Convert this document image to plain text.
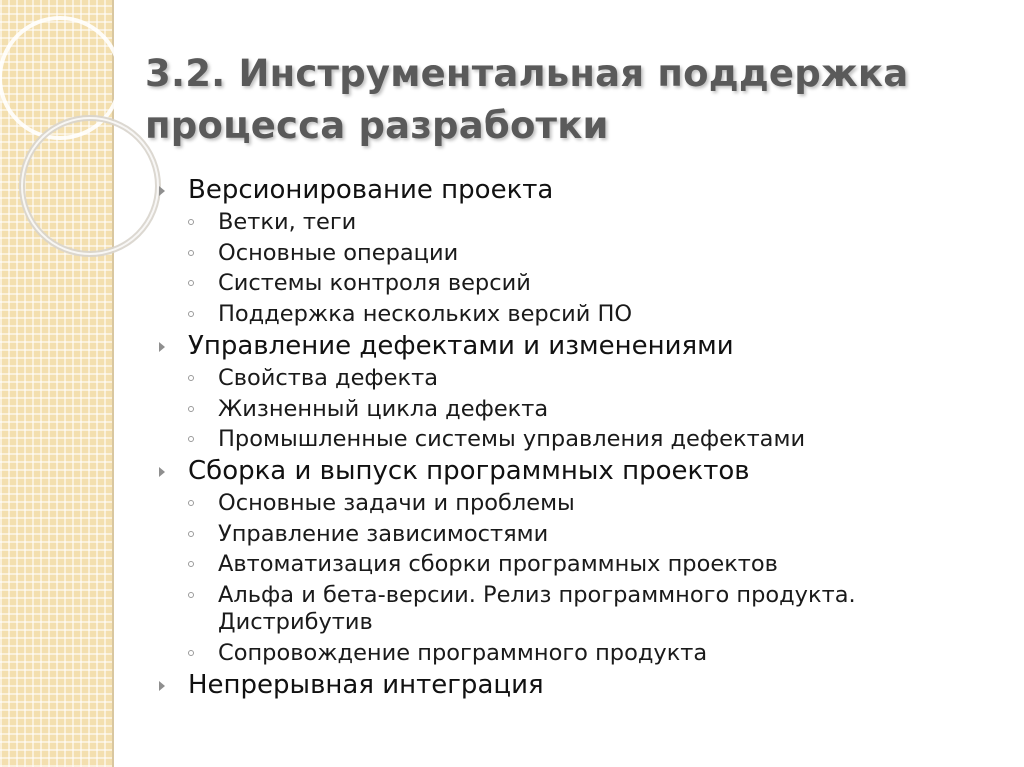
3.2. Инструментальная поддержка процесса разработки
Версионирование проекта
Ветки, теги
Основные операции
Системы контроля версий
Поддержка нескольких версий ПО
Управление дефектами и изменениями
Свойства дефекта
Жизненный цикла дефекта
Промышленные системы управления дефектами
Сборка и выпуск программных проектов
Основные задачи и проблемы
Управление зависимостями
Автоматизация сборки программных проектов
Альфа и бета-версии. Релиз программного продукта. Дистрибутив
Сопровождение программного продукта
Непрерывная интеграция
